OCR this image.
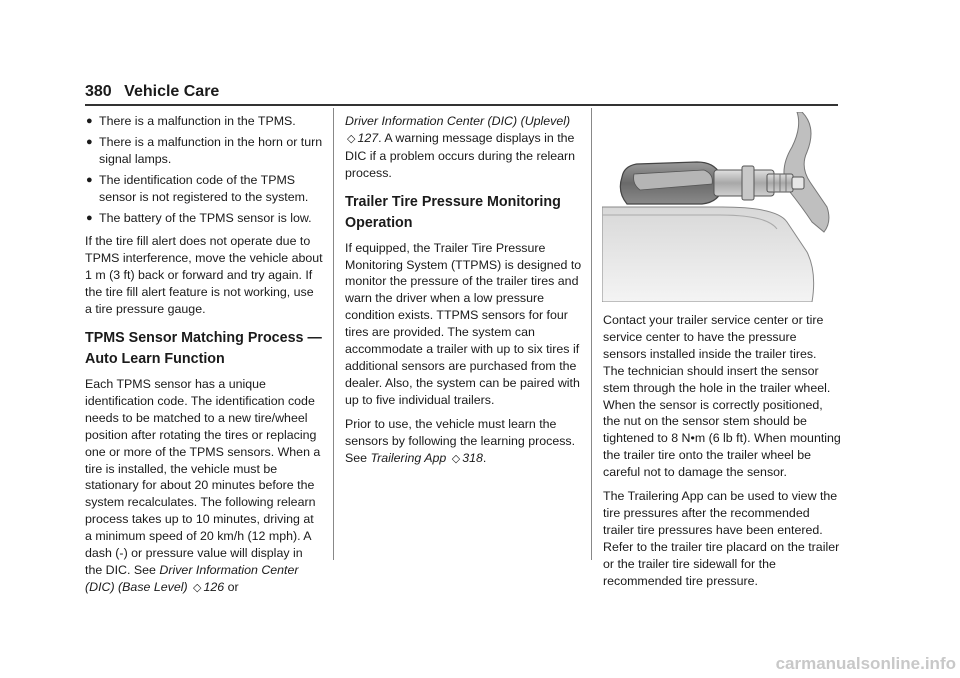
380 Vehicle Care
● There is a malfunction in the TPMS.
● There is a malfunction in the horn or turn signal lamps.
● The identification code of the TPMS sensor is not registered to the system.
● The battery of the TPMS sensor is low.

If the tire fill alert does not operate due to TPMS interference, move the vehicle about 1 m (3 ft) back or forward and try again. If the tire fill alert feature is not working, use a tire pressure gauge.

TPMS Sensor Matching Process — Auto Learn Function

Each TPMS sensor has a unique identification code. The identification code needs to be matched to a new tire/wheel position after rotating the tires or replacing one or more of the TPMS sensors. When a tire is installed, the vehicle must be stationary for about 20 minutes before the system recalculates. The following relearn process takes up to 10 minutes, driving at a minimum speed of 20 km/h (12 mph). A dash (-) or pressure value will display in the DIC. See Driver Information Center (DIC) (Base Level) ◇ 126 or

Driver Information Center (DIC) (Uplevel) ◇ 127. A warning message displays in the DIC if a problem occurs during the relearn process.

Trailer Tire Pressure Monitoring Operation

If equipped, the Trailer Tire Pressure Monitoring System (TTPMS) is designed to monitor the pressure of the trailer tires and warn the driver when a low pressure condition exists. TTPMS sensors for four tires are provided. The system can accommodate a trailer with up to six tires if additional sensors are purchased from the dealer. Also, the system can be paired with up to five individual trailers.

Prior to use, the vehicle must learn the sensors by following the learning process. See Trailering App ◇ 318.

Contact your trailer service center or tire service center to have the pressure sensors installed inside the trailer tires. The technician should insert the sensor stem through the hole in the trailer wheel. When the sensor is correctly positioned, the nut on the sensor stem should be tightened to 8 N•m (6 lb ft). When mounting the trailer tire onto the trailer wheel be careful not to damage the sensor.

The Trailering App can be used to view the tire pressures after the recommended trailer tire pressures have been entered. Refer to the trailer tire placard on the trailer or the trailer tire sidewall for the recommended tire pressure.

carmanualsonline.info
